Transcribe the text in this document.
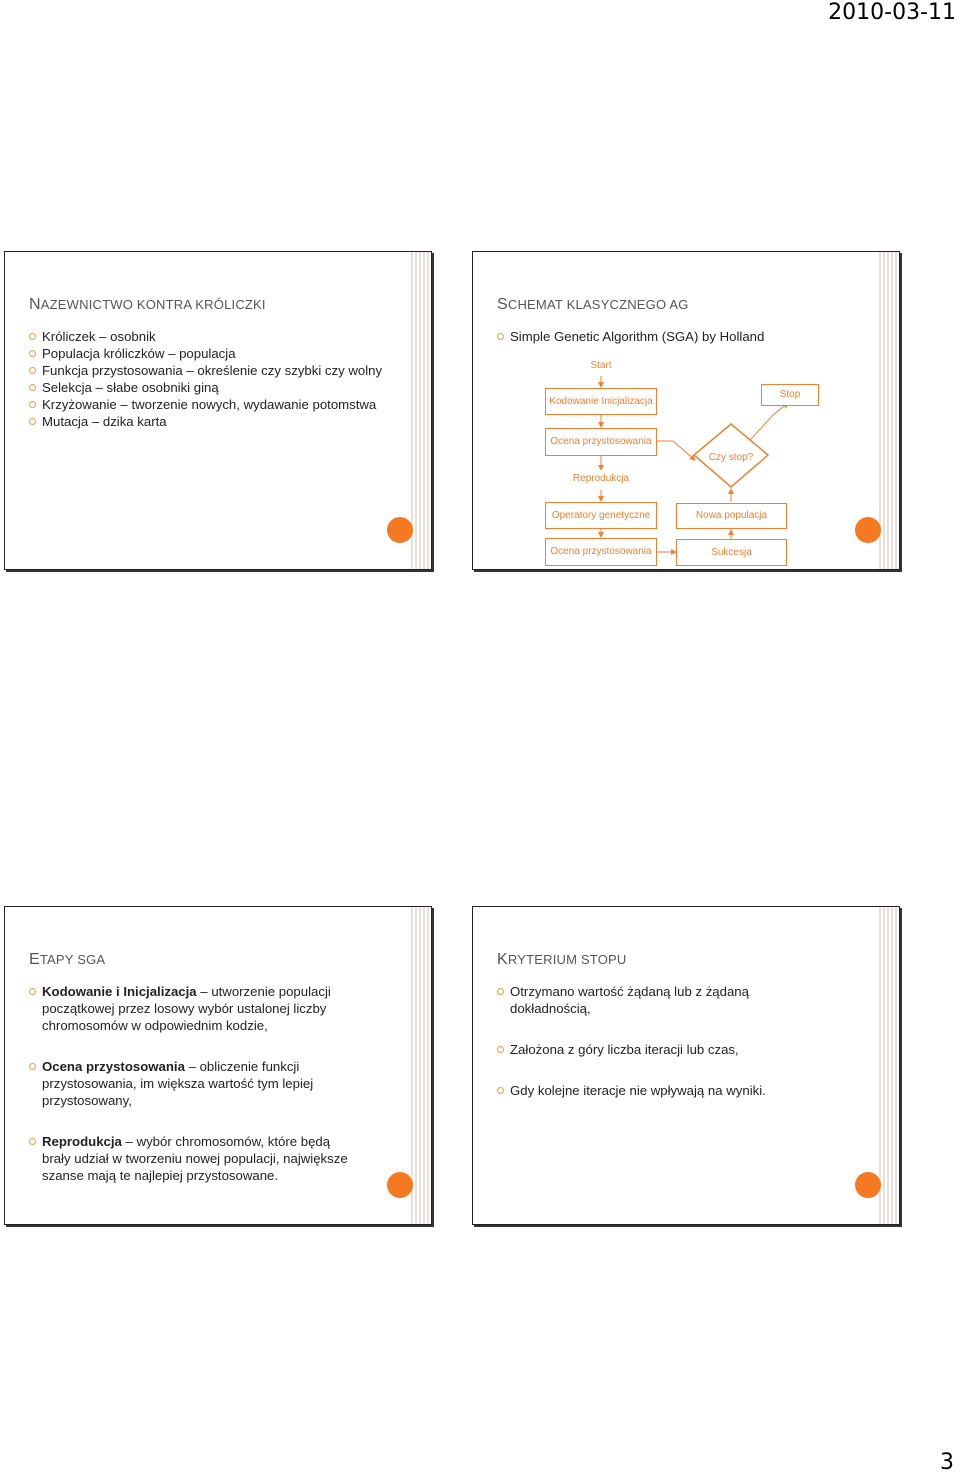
2010-03-11
NAZEWNICTWO KONTRA KRÓLICZKI
Króliczek – osobnik
Populacja króliczków – populacja
Funkcja przystosowania – określenie czy szybki czy wolny
Selekcja – słabe osobniki giną
Krzyżowanie – tworzenie nowych, wydawanie potomstwa
Mutacja – dzika karta
SCHEMAT KLASYCZNEGO AG
Simple Genetic Algorithm (SGA) by Holland
Start
Kodowanie Inicjalizacja
Ocena przystosowania
Reprodukcja
Operatory genetyczne
Ocena przystosowania
Czy stop?
Stop
Nowa populacja
Sukcesja
ETAPY SGA
Kodowanie i Inicjalizacja – utworzenie populacji początkowej przez losowy wybór ustalonej liczby chromosomów w odpowiednim kodzie,
Ocena przystosowania – obliczenie funkcji przystosowania, im większa wartość tym lepiej przystosowany,
Reprodukcja – wybór chromosomów, które będą brały udział w tworzeniu nowej populacji, największe szanse mają te najlepiej przystosowane.
KRYTERIUM STOPU
Otrzymano wartość żądaną lub z żądaną dokładnością,
Założona z góry liczba iteracji lub czas,
Gdy kolejne iteracje nie wpływają na wyniki.
3
